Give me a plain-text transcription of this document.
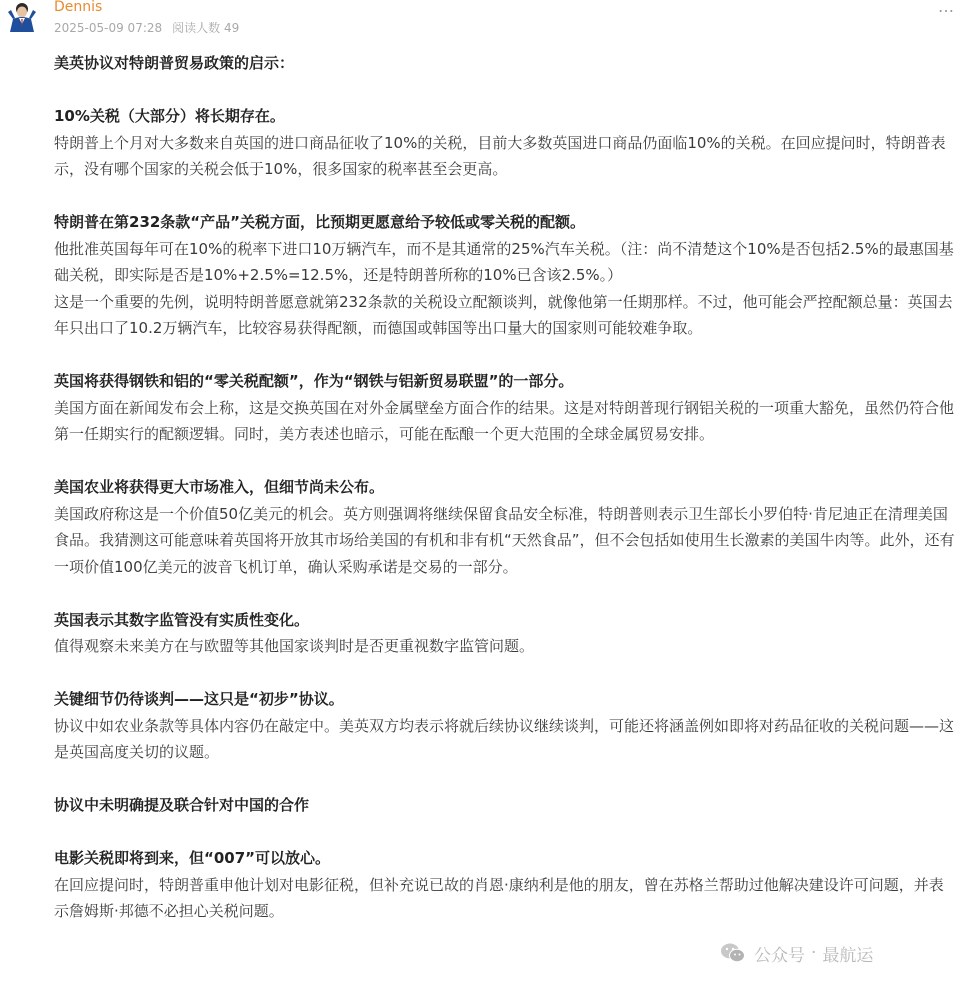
Dennis
2025-05-09 07:28 阅读人数 49
…

美英协议对特朗普贸易政策的启示：

10%关税（大部分）将长期存在。

特朗普上个月对大多数来自英国的进口商品征收了10%的关税，目前大多数英国进口商品仍面临10%的关税。在回应提问时，特朗普表示，没有哪个国家的关税会低于10%，很多国家的税率甚至会更高。

特朗普在第232条款“产品”关税方面，比预期更愿意给予较低或零关税的配额。

他批准英国每年可在10%的税率下进口10万辆汽车，而不是其通常的25%汽车关税。（注：尚不清楚这个10%是否包括2.5%的最惠国基础关税，即实际是否是10%+2.5%=12.5%，还是特朗普所称的10%已含该2.5%。）

这是一个重要的先例，说明特朗普愿意就第232条款的关税设立配额谈判，就像他第一任期那样。不过，他可能会严控配额总量：英国去年只出口了10.2万辆汽车，比较容易获得配额，而德国或韩国等出口量大的国家则可能较难争取。

英国将获得钢铁和铝的“零关税配额”，作为“钢铁与铝新贸易联盟”的一部分。

美国方面在新闻发布会上称，这是交换英国在对外金属壁垒方面合作的结果。这是对特朗普现行钢铝关税的一项重大豁免，虽然仍符合他第一任期实行的配额逻辑。同时，美方表述也暗示，可能在酝酿一个更大范围的全球金属贸易安排。

美国农业将获得更大市场准入，但细节尚未公布。

美国政府称这是一个价值50亿美元的机会。英方则强调将继续保留食品安全标准，特朗普则表示卫生部长小罗伯特·肯尼迪正在清理美国食品。我猜测这可能意味着英国将开放其市场给美国的有机和非有机“天然食品”，但不会包括如使用生长激素的美国牛肉等。此外，还有一项价值100亿美元的波音飞机订单，确认采购承诺是交易的一部分。

英国表示其数字监管没有实质性变化。

值得观察未来美方在与欧盟等其他国家谈判时是否更重视数字监管问题。

关键细节仍待谈判——这只是“初步”协议。

协议中如农业条款等具体内容仍在敲定中。美英双方均表示将就后续协议继续谈判，可能还将涵盖例如即将对药品征收的关税问题——这是英国高度关切的议题。

协议中未明确提及联合针对中国的合作

电影关税即将到来，但“007”可以放心。

在回应提问时，特朗普重申他计划对电影征税，但补充说已故的肖恩·康纳利是他的朋友，曾在苏格兰帮助过他解决建设许可问题，并表示詹姆斯·邦德不必担心关税问题。

公众号 · 最航运
